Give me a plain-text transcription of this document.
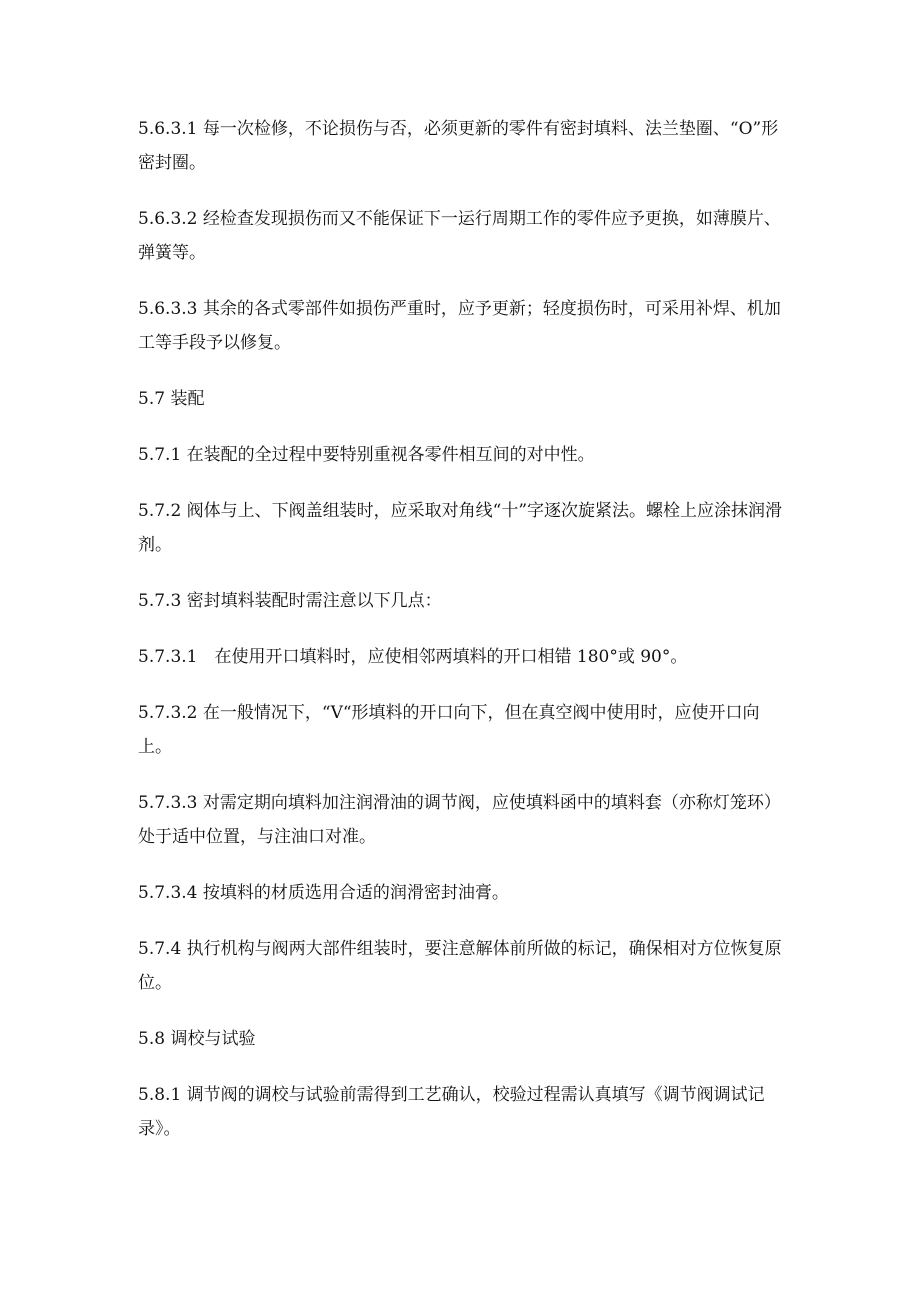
5.6.3.1 每一次检修，不论损伤与否，必须更新的零件有密封填料、法兰垫圈、“O”形密封圈。

5.6.3.2 经检查发现损伤而又不能保证下一运行周期工作的零件应予更换，如薄膜片、弹簧等。

5.6.3.3 其余的各式零部件如损伤严重时，应予更新；轻度损伤时，可采用补焊、机加工等手段予以修复。

5.7 装配

5.7.1 在装配的全过程中要特别重视各零件相互间的对中性。

5.7.2 阀体与上、下阀盖组装时，应采取对角线“十”字逐次旋紧法。螺栓上应涂抹润滑剂。

5.7.3 密封填料装配时需注意以下几点：

5.7.3.1　在使用开口填料时，应使相邻两填料的开口相错 180°或 90°。

5.7.3.2 在一般情况下，“V“形填料的开口向下，但在真空阀中使用时，应使开口向上。

5.7.3.3 对需定期向填料加注润滑油的调节阀，应使填料函中的填料套（亦称灯笼环）处于适中位置，与注油口对准。

5.7.3.4 按填料的材质选用合适的润滑密封油膏。

5.7.4 执行机构与阀两大部件组装时，要注意解体前所做的标记，确保相对方位恢复原位。

5.8 调校与试验

5.8.1 调节阀的调校与试验前需得到工艺确认，校验过程需认真填写《调节阀调试记录》。
